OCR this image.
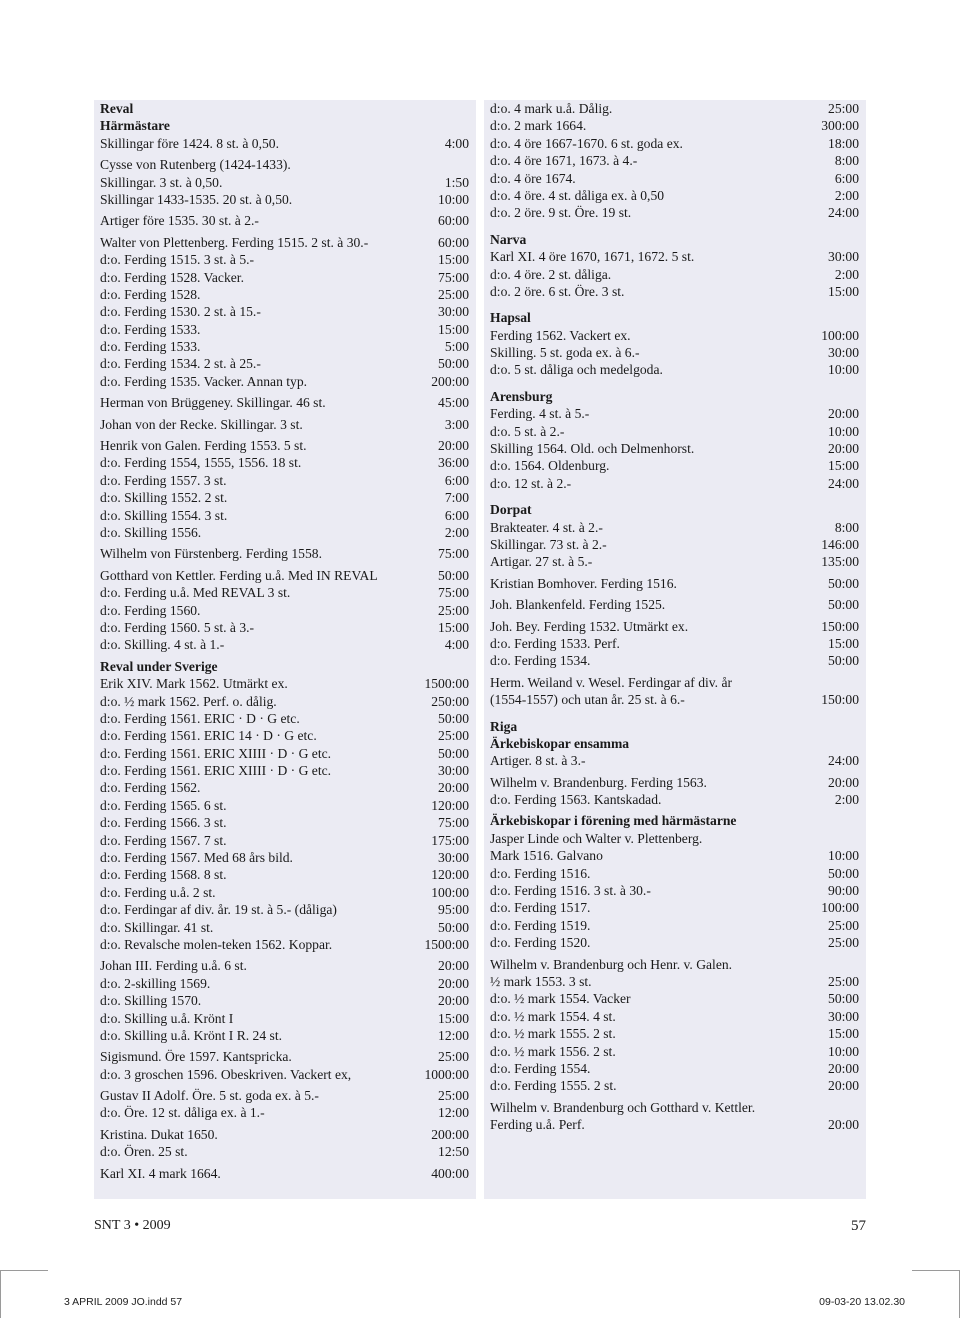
Reval
Härmästare
Skillingar före 1424. 8 st. à 0,50.	4:00
Cysse von Rutenberg (1424-1433).
Skillingar. 3 st. à 0,50.	1:50
Skillingar 1433-1535. 20 st. à 0,50.	10:00
Artiger före 1535. 30 st. à 2.-	60:00
Walter von Plettenberg. Ferding 1515. 2 st. à 30.-	60:00
d:o. Ferding 1515. 3 st. à 5.-	15:00
d:o. Ferding 1528. Vacker.	75:00
d:o. Ferding 1528.	25:00
d:o. Ferding 1530. 2 st. à 15.-	30:00
d:o. Ferding 1533.	15:00
d:o. Ferding 1533.	5:00
d:o. Ferding 1534. 2 st. à 25.-	50:00
d:o. Ferding 1535. Vacker. Annan typ.	200:00
Herman von Brüggeney. Skillingar. 46 st.	45:00
Johan von der Recke. Skillingar. 3 st.	3:00
Henrik von Galen. Ferding 1553. 5 st.	20:00
d:o. Ferding 1554, 1555, 1556. 18 st.	36:00
d:o. Ferding 1557. 3 st.	6:00
d:o. Skilling 1552. 2 st.	7:00
d:o. Skilling 1554. 3 st.	6:00
d:o. Skilling 1556.	2:00
Wilhelm von Fürstenberg. Ferding 1558.	75:00
Gotthard von Kettler. Ferding u.å. Med IN REVAL	50:00
d:o. Ferding u.å. Med REVAL 3 st.	75:00
d:o. Ferding 1560.	25:00
d:o. Ferding 1560. 5 st. à 3.-	15:00
d:o. Skilling. 4 st. à 1.-	4:00
Reval under Sverige
Erik XIV. Mark 1562. Utmärkt ex.	1500:00
d:o. ½ mark 1562. Perf. o. dålig.	250:00
d:o. Ferding 1561. ERIC · D · G etc.	50:00
d:o. Ferding 1561. ERIC 14 · D · G etc.	25:00
d:o. Ferding 1561. ERIC XIIII · D · G etc.	50:00
d:o. Ferding 1561. ERIC XIIII · D · G etc.	30:00
d:o. Ferding 1562.	20:00
d:o. Ferding 1565. 6 st.	120:00
d:o. Ferding 1566. 3 st.	75:00
d:o. Ferding 1567. 7 st.	175:00
d:o. Ferding 1567. Med 68 års bild.	30:00
d:o. Ferding 1568. 8 st.	120:00
d:o. Ferding u.å. 2 st.	100:00
d:o. Ferdingar af div. år. 19 st. à 5.- (dåliga)	95:00
d:o. Skillingar. 41 st.	50:00
d:o. Revalsche molen-teken 1562. Koppar.	1500:00
Johan III. Ferding u.å. 6 st.	20:00
d:o. 2-skilling 1569.	20:00
d:o. Skilling 1570.	20:00
d:o. Skilling u.å. Krönt I	15:00
d:o. Skilling u.å. Krönt I R. 24 st.	12:00
Sigismund. Öre 1597. Kantspricka.	25:00
d:o. 3 groschen 1596. Obeskriven. Vackert ex,	1000:00
Gustav II Adolf. Öre. 5 st. goda ex. à 5.-	25:00
d:o. Öre. 12 st. dåliga ex. à 1.-	12:00
Kristina. Dukat 1650.	200:00
d:o. Ören. 25 st.	12:50
Karl XI. 4 mark 1664.	400:00
d:o. 4 mark u.å. Dålig.	25:00
d:o. 2 mark 1664.	300:00
d:o. 4 öre 1667-1670. 6 st. goda ex.	18:00
d:o. 4 öre 1671, 1673. à 4.-	8:00
d:o. 4 öre 1674.	6:00
d:o. 4 öre. 4 st. dåliga ex. à 0,50	2:00
d:o. 2 öre. 9 st. Öre. 19 st.	24:00
Narva
Karl XI. 4 öre 1670, 1671, 1672. 5 st.	30:00
d:o. 4 öre. 2 st. dåliga.	2:00
d:o. 2 öre. 6 st. Öre. 3 st.	15:00
Hapsal
Ferding 1562. Vackert ex.	100:00
Skilling. 5 st. goda ex. à 6.-	30:00
d:o. 5 st. dåliga och medelgoda.	10:00
Arensburg
Ferding. 4 st. à 5.-	20:00
d:o. 5 st. à 2.-	10:00
Skilling 1564. Old. och Delmenhorst.	20:00
d:o. 1564. Oldenburg.	15:00
d:o. 12 st. à 2.-	24:00
Dorpat
Brakteater. 4 st. à 2.-	8:00
Skillingar. 73 st. à 2.-	146:00
Artigar. 27 st. à 5.-	135:00
Kristian Bomhover. Ferding 1516.	50:00
Joh. Blankenfeld. Ferding 1525.	50:00
Joh. Bey. Ferding 1532. Utmärkt ex.	150:00
d:o. Ferding 1533. Perf.	15:00
d:o. Ferding 1534.	50:00
Herm. Weiland v. Wesel. Ferdingar af div. år
(1554-1557) och utan år. 25 st. à 6.-	150:00
Riga
Ärkebiskopar ensamma
Artiger. 8 st. à 3.-	24:00
Wilhelm v. Brandenburg. Ferding 1563.	20:00
d:o. Ferding 1563. Kantskadad.	2:00
Ärkebiskopar i förening med härmästarne
Jasper Linde och Walter v. Plettenberg.
Mark 1516. Galvano	10:00
d:o. Ferding 1516.	50:00
d:o. Ferding 1516. 3 st. à 30.-	90:00
d:o. Ferding 1517.	100:00
d:o. Ferding 1519.	25:00
d:o. Ferding 1520.	25:00
Wilhelm v. Brandenburg och Henr. v. Galen.
½ mark 1553. 3 st.	25:00
d:o. ½ mark 1554. Vacker	50:00
d:o. ½ mark 1554. 4 st.	30:00
d:o. ½ mark 1555. 2 st.	15:00
d:o. ½ mark 1556. 2 st.	10:00
d:o. Ferding 1554.	20:00
d:o. Ferding 1555. 2 st.	20:00
Wilhelm v. Brandenburg och Gotthard v. Kettler.
Ferding u.å. Perf.	20:00
SNT 3 • 2009	57
3 APRIL 2009 JO.indd 57	09-03-20 13.02.30
